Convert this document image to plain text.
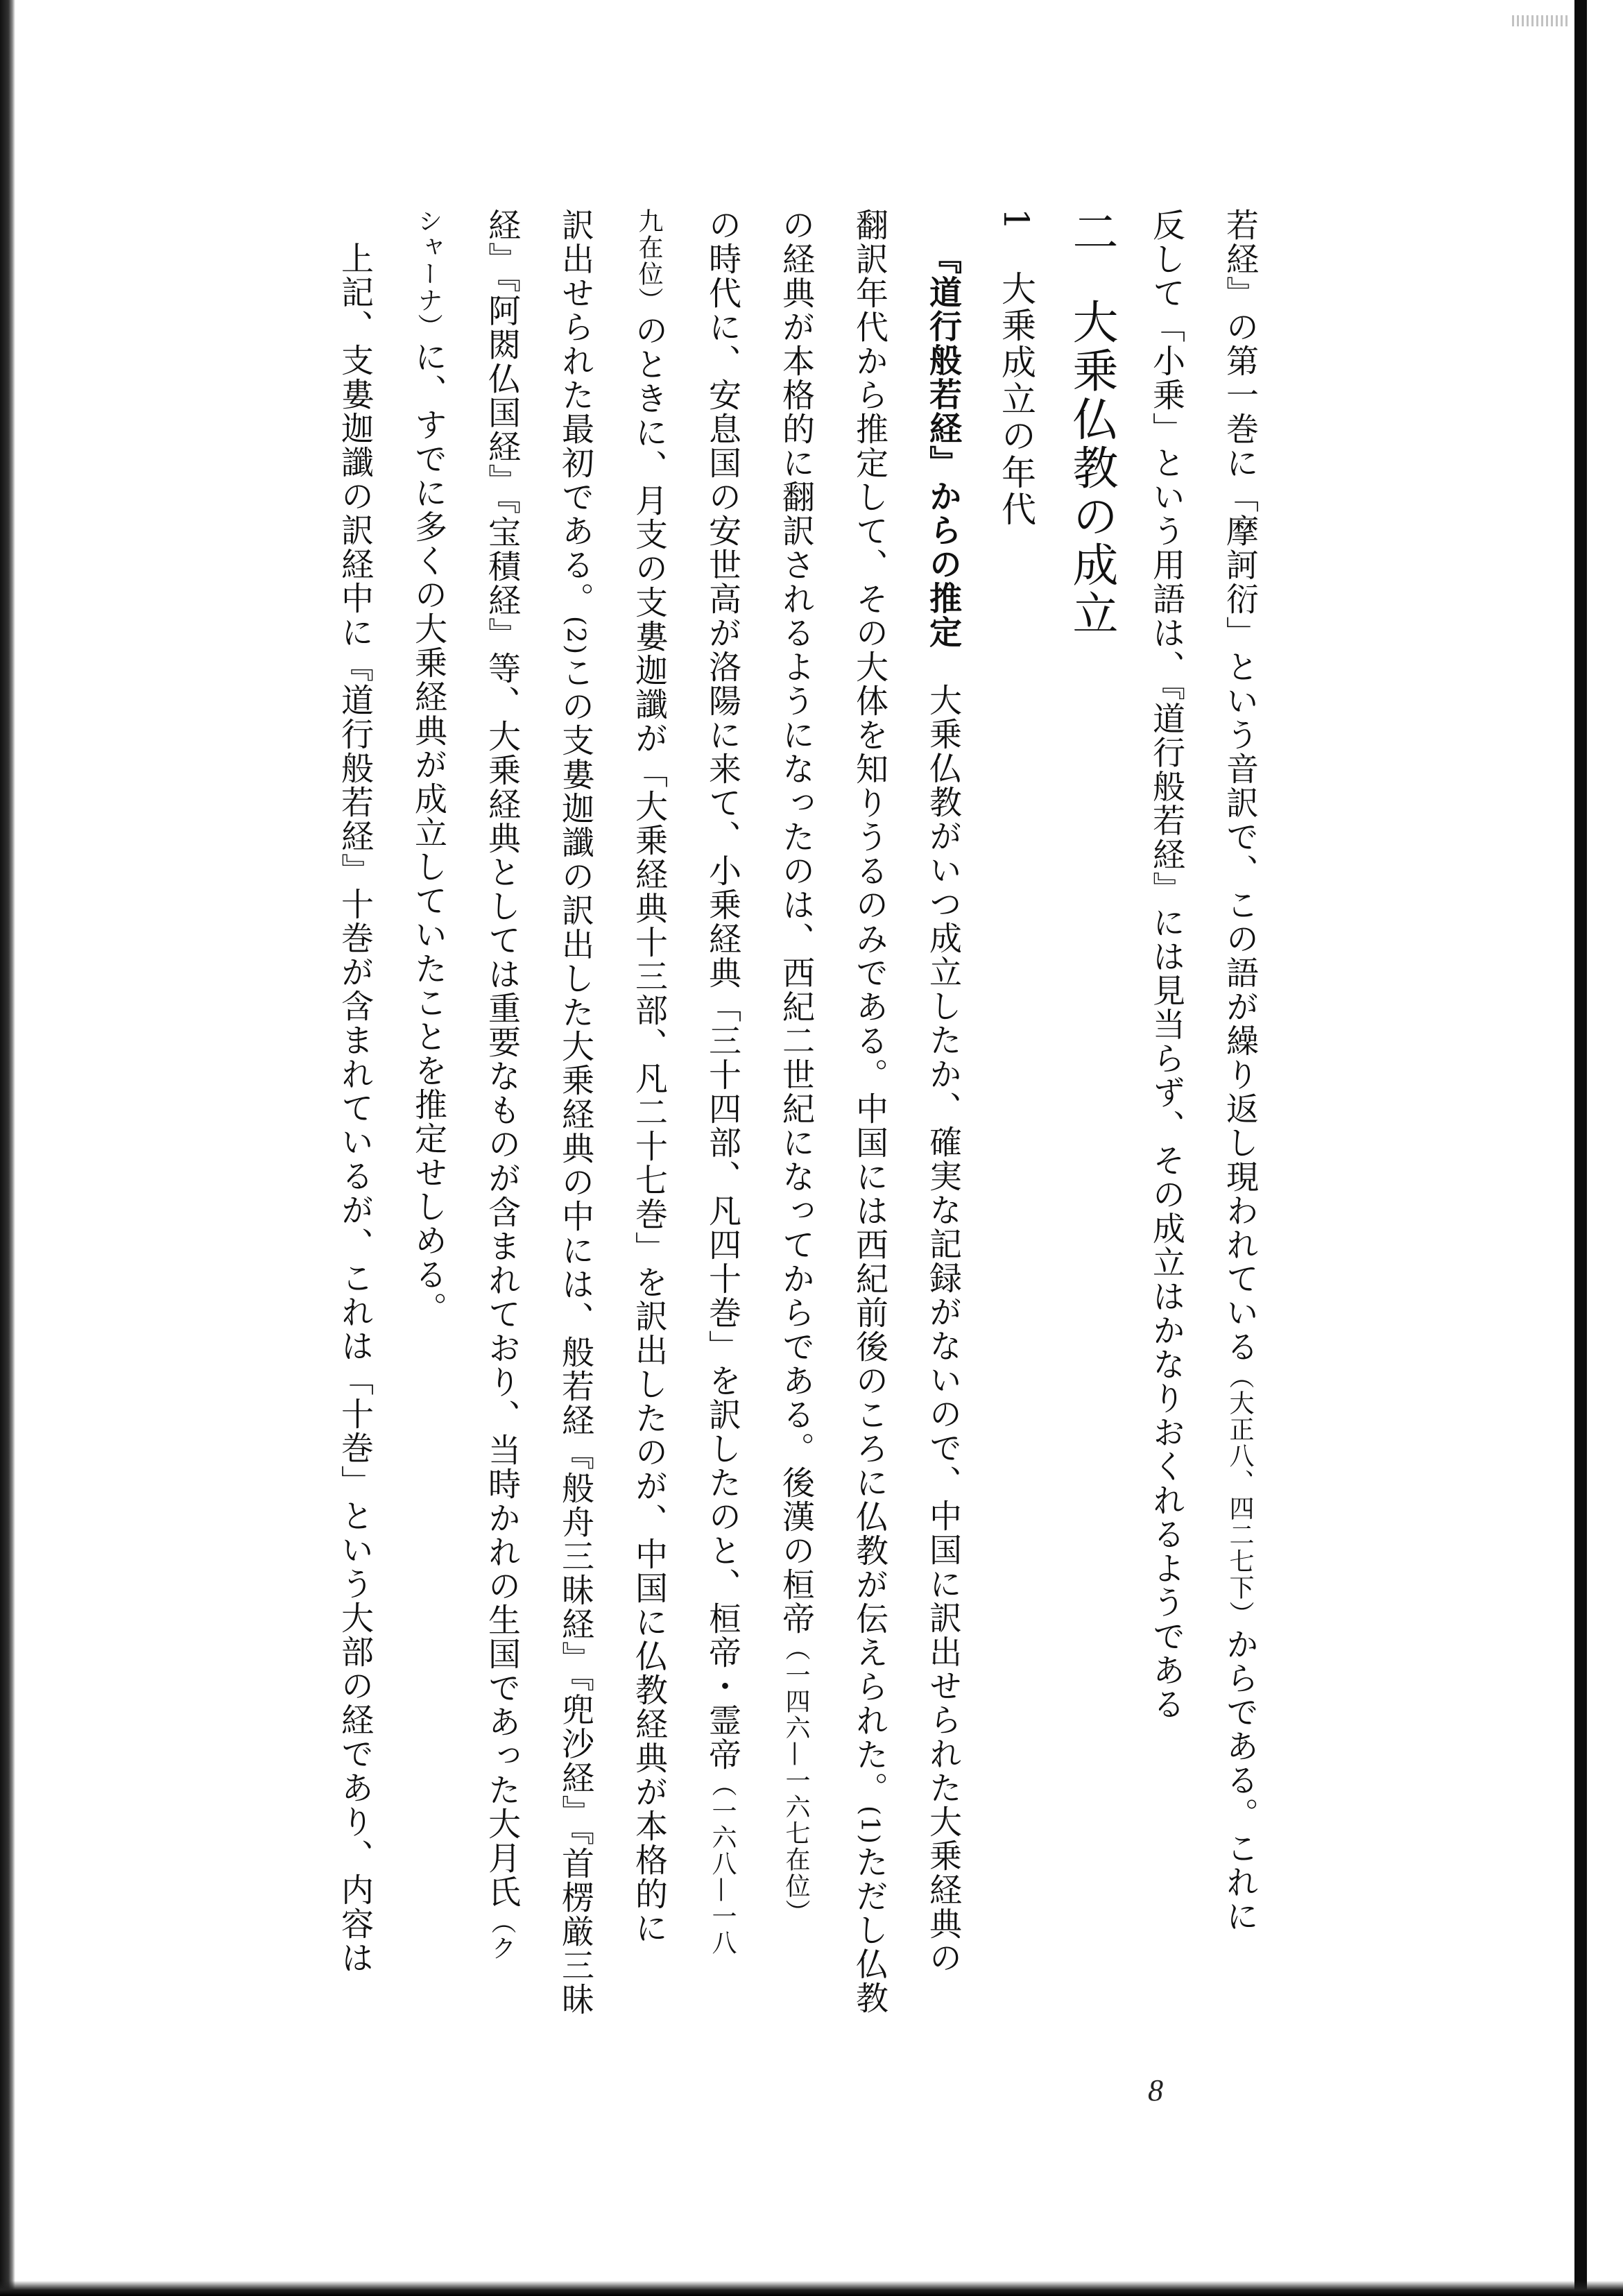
若経』の第一巻に「摩訶衍」という音訳で、この語が繰り返し現われている（大正八、四二七下）からである。これに
反して「小乗」という用語は、『道行般若経』には見当らず、その成立はかなりおくれるようである
二大乗仏教の成立
1大乗成立の年代
『道行般若経』からの推定　大乗仏教がいつ成立したか、確実な記録がないので、中国に訳出せられた大乗経典の
翻訳年代から推定して、その大体を知りうるのみである。中国には西紀前後のころに仏教が伝えられた。(1)ただし仏教
の経典が本格的に翻訳されるようになったのは、西紀二世紀になってからである。後漢の桓帝（一四六—一六七在位）
の時代に、安息国の安世高が洛陽に来て、小乗経典「三十四部、凡四十巻」を訳したのと、桓帝・霊帝（一六八—一八
九在位）のときに、月支の支婁迦讖が「大乗経典十三部、凡二十七巻」を訳出したのが、中国に仏教経典が本格的に
訳出せられた最初である。(2)この支婁迦讖の訳出した大乗経典の中には、般若経『般舟三昧経』『兜沙経』『首楞厳三昧
経』『阿閦仏国経』『宝積経』等、大乗経典としては重要なものが含まれており、当時かれの生国であった大月氏（ク
シャーナ）に、すでに多くの大乗経典が成立していたことを推定せしめる。
上記、支婁迦讖の訳経中に『道行般若経』十巻が含まれているが、これは「十巻」という大部の経であり、内容は
8
